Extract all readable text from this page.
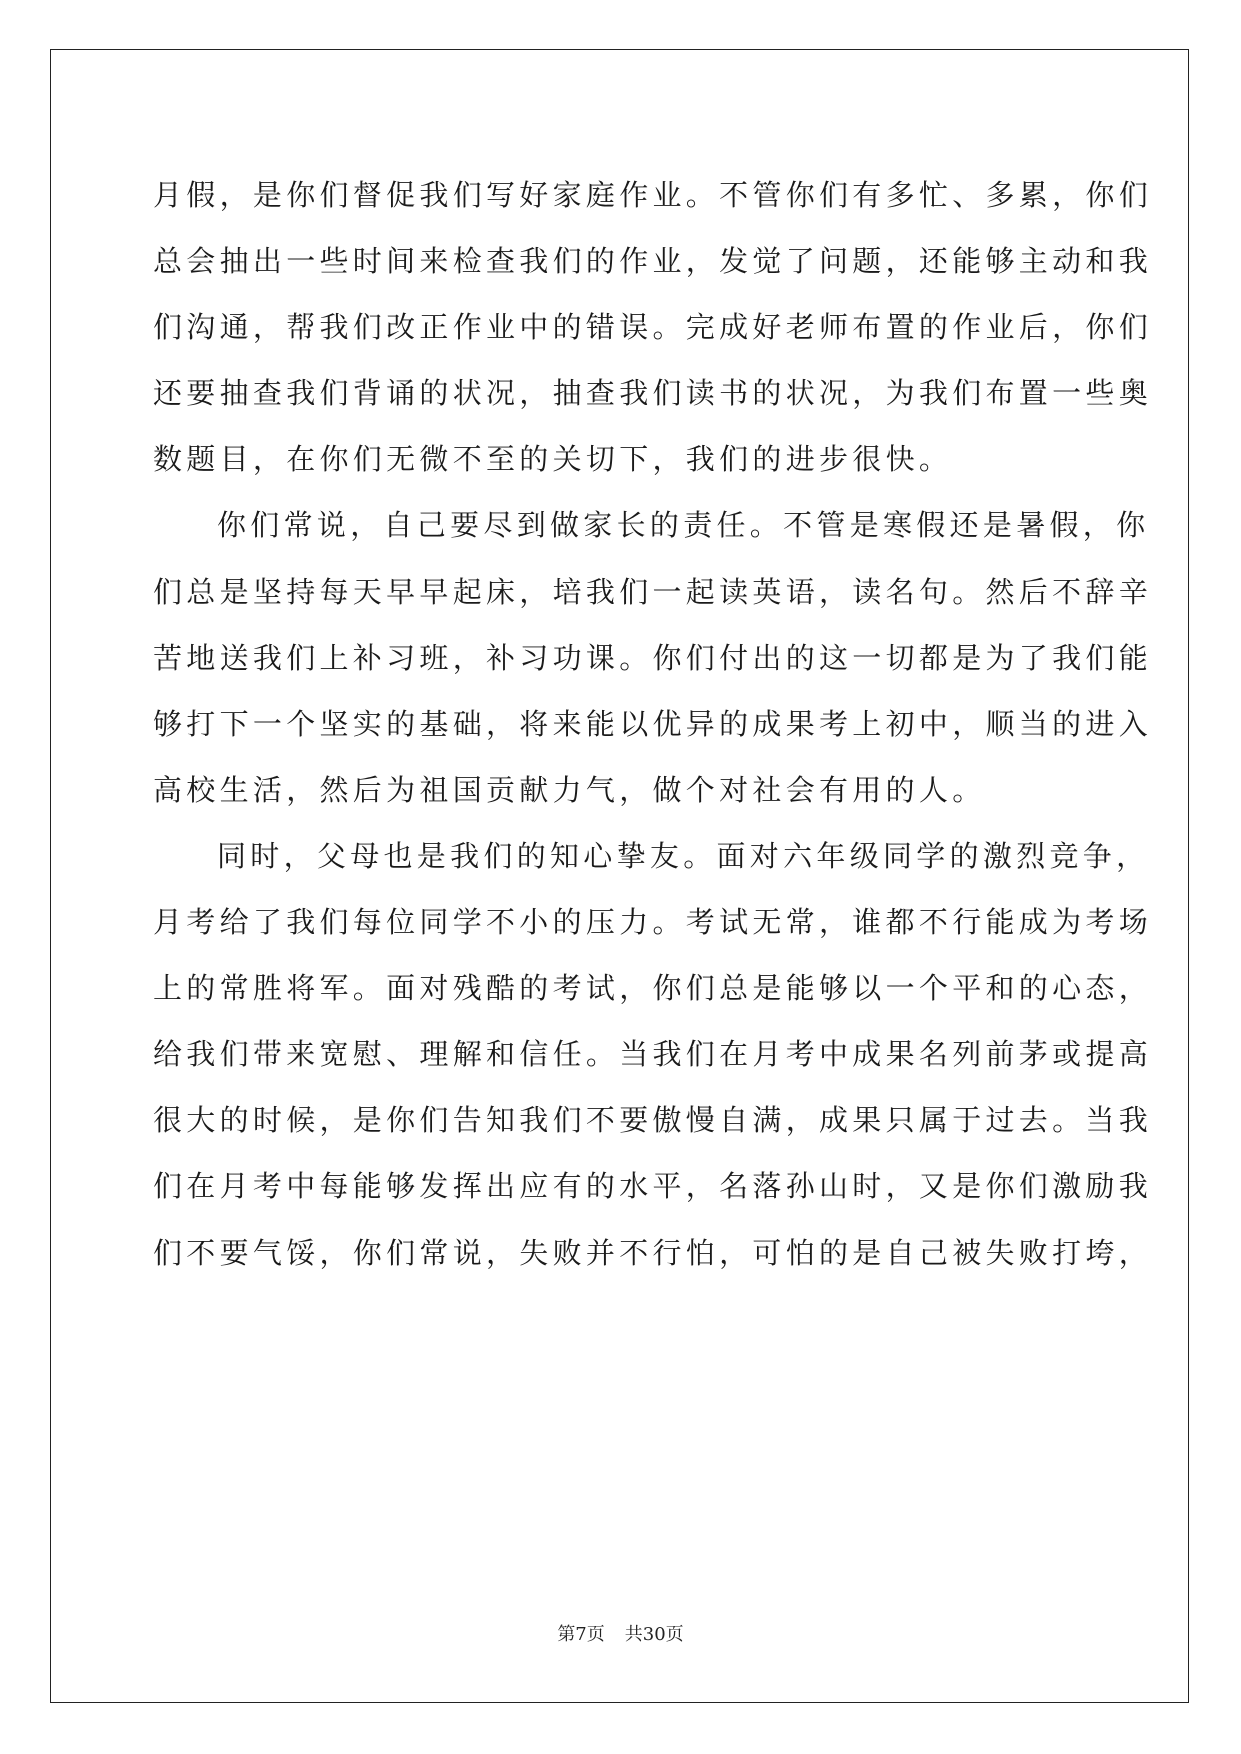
月假，是你们督促我们写好家庭作业。不管你们有多忙、多累，你们
总会抽出一些时间来检查我们的作业，发觉了问题，还能够主动和我
们沟通，帮我们改正作业中的错误。完成好老师布置的作业后，你们
还要抽查我们背诵的状况，抽查我们读书的状况，为我们布置一些奥
数题目，在你们无微不至的关切下，我们的进步很快。
你们常说，自己要尽到做家长的责任。不管是寒假还是暑假，你
们总是坚持每天早早起床，培我们一起读英语，读名句。然后不辞辛
苦地送我们上补习班，补习功课。你们付出的这一切都是为了我们能
够打下一个坚实的基础，将来能以优异的成果考上初中，顺当的进入
高校生活，然后为祖国贡献力气，做个对社会有用的人。
同时，父母也是我们的知心挚友。面对六年级同学的激烈竞争，
月考给了我们每位同学不小的压力。考试无常，谁都不行能成为考场
上的常胜将军。面对残酷的考试，你们总是能够以一个平和的心态，
给我们带来宽慰、理解和信任。当我们在月考中成果名列前茅或提高
很大的时候，是你们告知我们不要傲慢自满，成果只属于过去。当我
们在月考中每能够发挥出应有的水平，名落孙山时，又是你们激励我
们不要气馁，你们常说，失败并不行怕，可怕的是自己被失败打垮，
第7页 共30页
